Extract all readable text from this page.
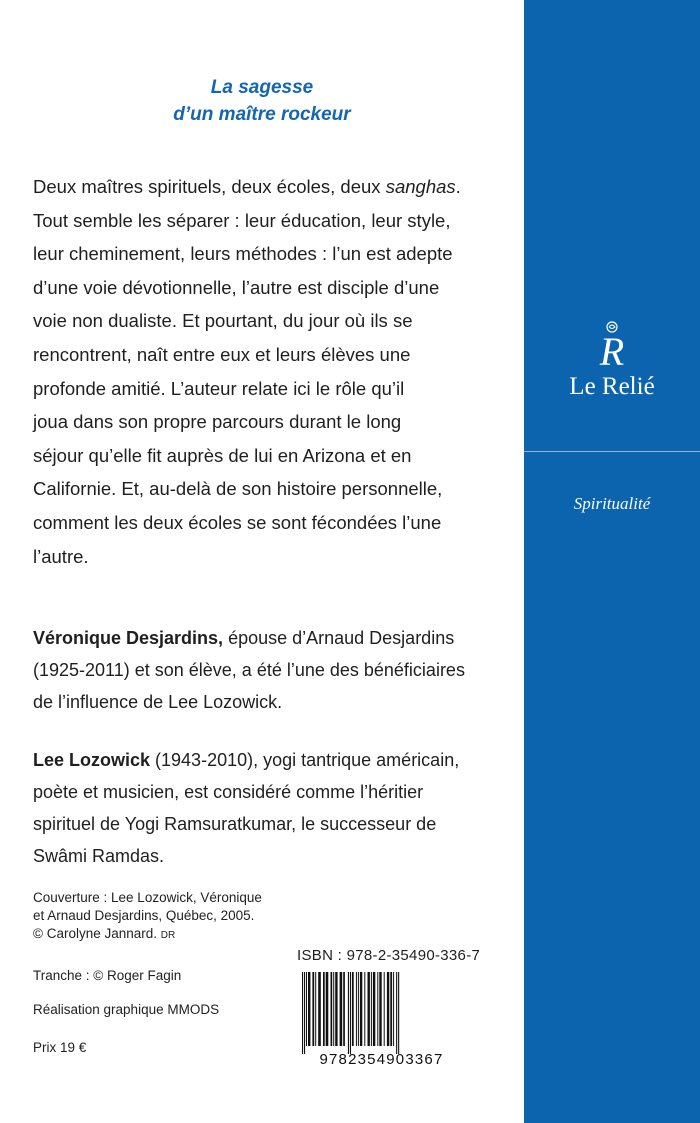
La sagesse
d’un maître rockeur
Deux maîtres spirituels, deux écoles, deux sanghas.
Tout semble les séparer : leur éducation, leur style,
leur cheminement, leurs méthodes : l’un est adepte
d’une voie dévotionnelle, l’autre est disciple d’une
voie non dualiste. Et pourtant, du jour où ils se
rencontrent, naît entre eux et leurs élèves une
profonde amitié. L’auteur relate ici le rôle qu’il
joua dans son propre parcours durant le long
séjour qu’elle fit auprès de lui en Arizona et en
Californie. Et, au-delà de son histoire personnelle,
comment les deux écoles se sont fécondées l’une
l’autre.
Véronique Desjardins, épouse d’Arnaud Desjardins
(1925-2011) et son élève, a été l’une des bénéficiaires
de l’influence de Lee Lozowick.
Lee Lozowick (1943-2010), yogi tantrique américain,
poète et musicien, est considéré comme l’héritier
spirituel de Yogi Ramsuratkumar, le successeur de
Swâmi Ramdas.
Couverture : Lee Lozowick, Véronique
et Arnaud Desjardins, Québec, 2005.
© Carolyne Jannard. DR
Tranche : © Roger Fagin
Réalisation graphique MMODS
Prix 19 €
ISBN : 978-2-35490-336-7
9782354903367
R
Le Relié
Spiritualité
